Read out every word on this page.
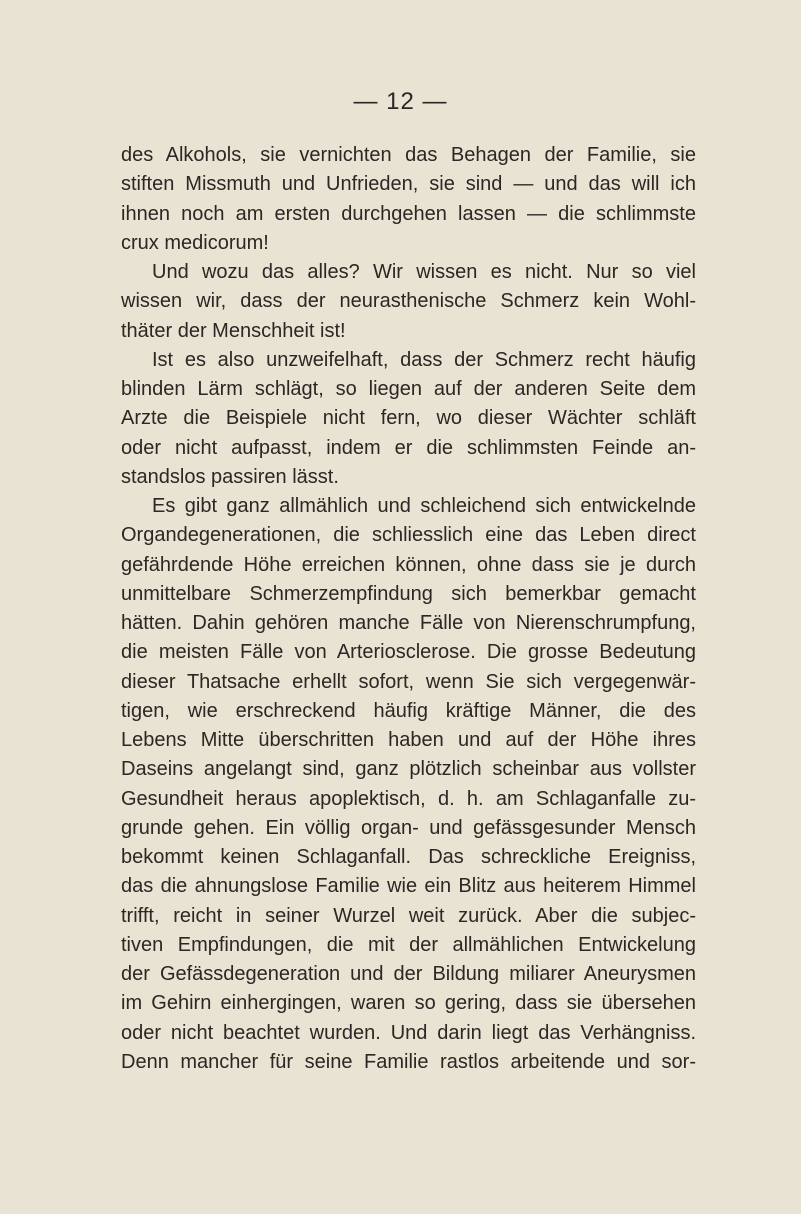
— 12 —
des Alkohols, sie vernichten das Behagen der Familie, sie
stiften Missmuth und Unfrieden, sie sind — und das will ich
ihnen noch am ersten durchgehen lassen — die schlimmste
crux medicorum!
Und wozu das alles? Wir wissen es nicht. Nur so viel
wissen wir, dass der neurasthenische Schmerz kein Wohl-
thäter der Menschheit ist!
Ist es also unzweifelhaft, dass der Schmerz recht häufig
blinden Lärm schlägt, so liegen auf der anderen Seite dem
Arzte die Beispiele nicht fern, wo dieser Wächter schläft
oder nicht aufpasst, indem er die schlimmsten Feinde an-
standslos passiren lässt.
Es gibt ganz allmählich und schleichend sich entwickelnde
Organdegenerationen, die schliesslich eine das Leben direct
gefährdende Höhe erreichen können, ohne dass sie je durch
unmittelbare Schmerzempfindung sich bemerkbar gemacht
hätten. Dahin gehören manche Fälle von Nierenschrumpfung,
die meisten Fälle von Arteriosclerose. Die grosse Bedeutung
dieser Thatsache erhellt sofort, wenn Sie sich vergegenwär-
tigen, wie erschreckend häufig kräftige Männer, die des
Lebens Mitte überschritten haben und auf der Höhe ihres
Daseins angelangt sind, ganz plötzlich scheinbar aus vollster
Gesundheit heraus apoplektisch, d. h. am Schlaganfalle zu-
grunde gehen. Ein völlig organ- und gefässgesunder Mensch
bekommt keinen Schlaganfall. Das schreckliche Ereigniss,
das die ahnungslose Familie wie ein Blitz aus heiterem Himmel
trifft, reicht in seiner Wurzel weit zurück. Aber die subjec-
tiven Empfindungen, die mit der allmählichen Entwickelung
der Gefässdegeneration und der Bildung miliarer Aneurysmen
im Gehirn einhergingen, waren so gering, dass sie übersehen
oder nicht beachtet wurden. Und darin liegt das Verhängniss.
Denn mancher für seine Familie rastlos arbeitende und sor-
